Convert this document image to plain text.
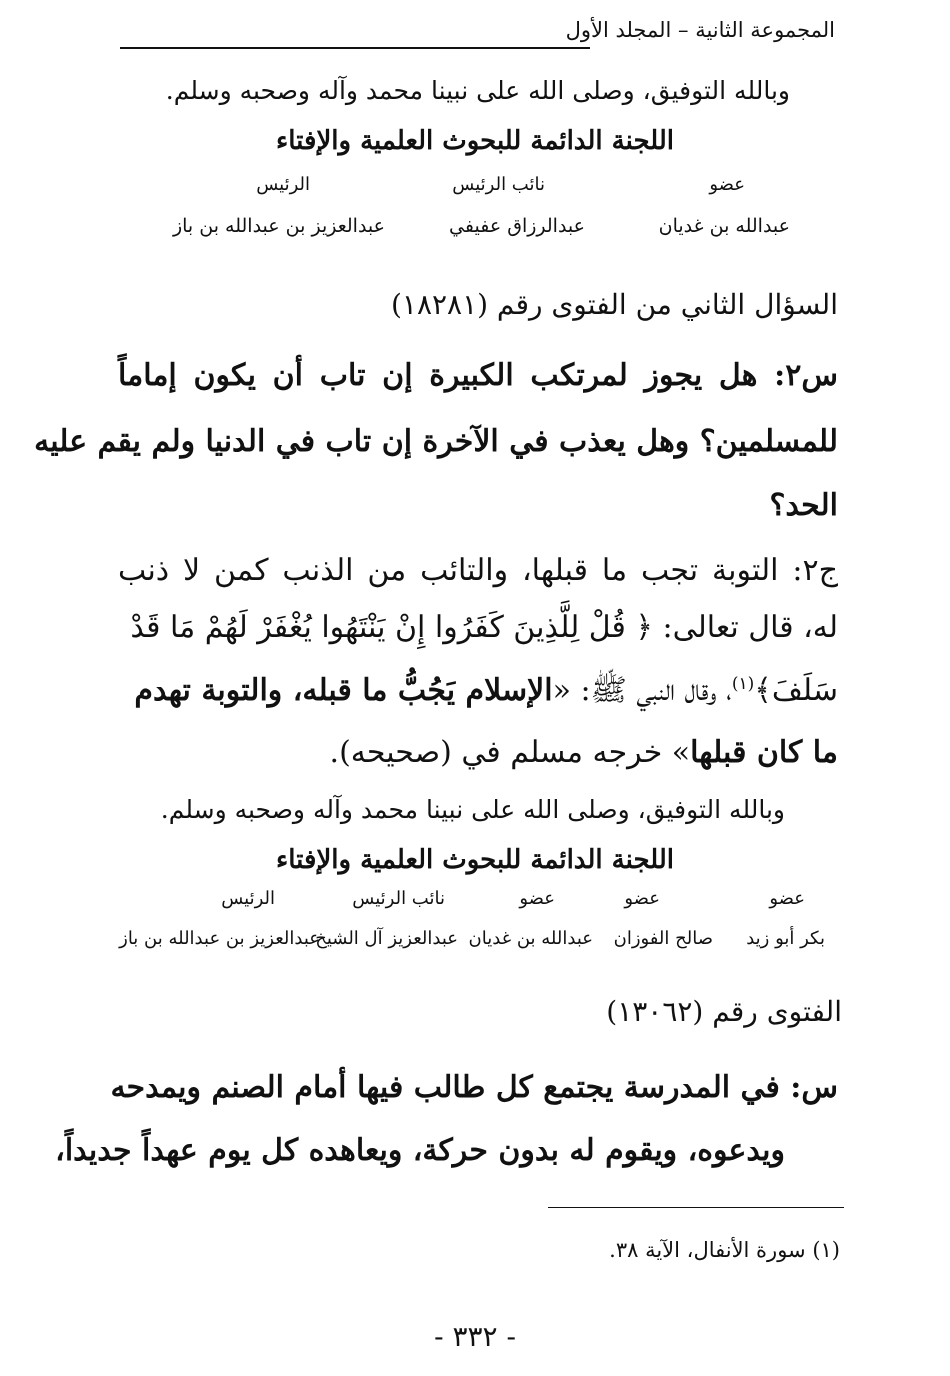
المجموعة الثانية – المجلد الأول
وبالله التوفيق، وصلى الله على نبينا محمد وآله وصحبه وسلم.
اللجنة الدائمة للبحوث العلمية والإفتاء
عضو
نائب الرئيس
الرئيس
عبدالله بن غديان
عبدالرزاق عفيفي
عبدالعزيز بن عبدالله بن باز
السؤال الثاني من الفتوى رقم (١٨٢٨١)
س٢: هل يجوز لمرتكب الكبيرة إن تاب أن يكون إماماً
للمسلمين؟ وهل يعذب في الآخرة إن تاب في الدنيا ولم يقم عليه
الحد؟
ج٢: التوبة تجب ما قبلها، والتائب من الذنب كمن لا ذنب
له، قال تعالى: ﴿ قُلْ لِلَّذِينَ كَفَرُوا إِنْ يَنْتَهُوا يُغْفَرْ لَهُمْ مَا قَدْ
سَلَفَ﴾$^{(١)}$، وقال النبي ﷺ: «الإسلام يَجُبُّ ما قبله، والتوبة تهدم
ما كان قبلها» خرجه مسلم في (صحيحه).
وبالله التوفيق، وصلى الله على نبينا محمد وآله وصحبه وسلم.
اللجنة الدائمة للبحوث العلمية والإفتاء
عضو
عضو
عضو
نائب الرئيس
الرئيس
بكر أبو زيد
صالح الفوزان
عبدالله بن غديان
عبدالعزيز آل الشيخ
عبدالعزيز بن عبدالله بن باز
الفتوى رقم (١٣٠٦٢)
س: في المدرسة يجتمع كل طالب فيها أمام الصنم ويمدحه
ويدعوه، ويقوم له بدون حركة، ويعاهده كل يوم عهداً جديداً،
(١) سورة الأنفال، الآية ٣٨.
- ٣٣٢ -
